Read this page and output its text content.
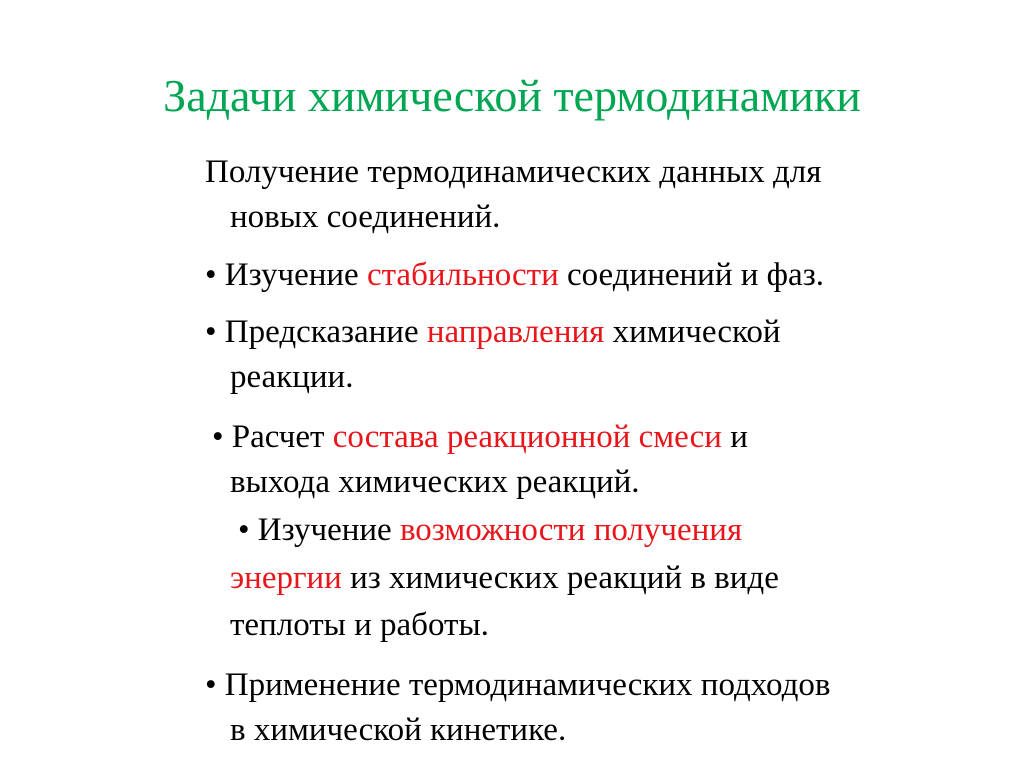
Задачи химической термодинамики
Получение термодинамических данных для
новых соединений.
• Изучение стабильности соединений и фаз.
• Предсказание направления химической
реакции.
• Расчет состава реакционной смеси и
выхода химических реакций.
• Изучение возможности получения
энергии из химических реакций в виде
теплоты и работы.
• Применение термодинамических подходов
в химической кинетике.
